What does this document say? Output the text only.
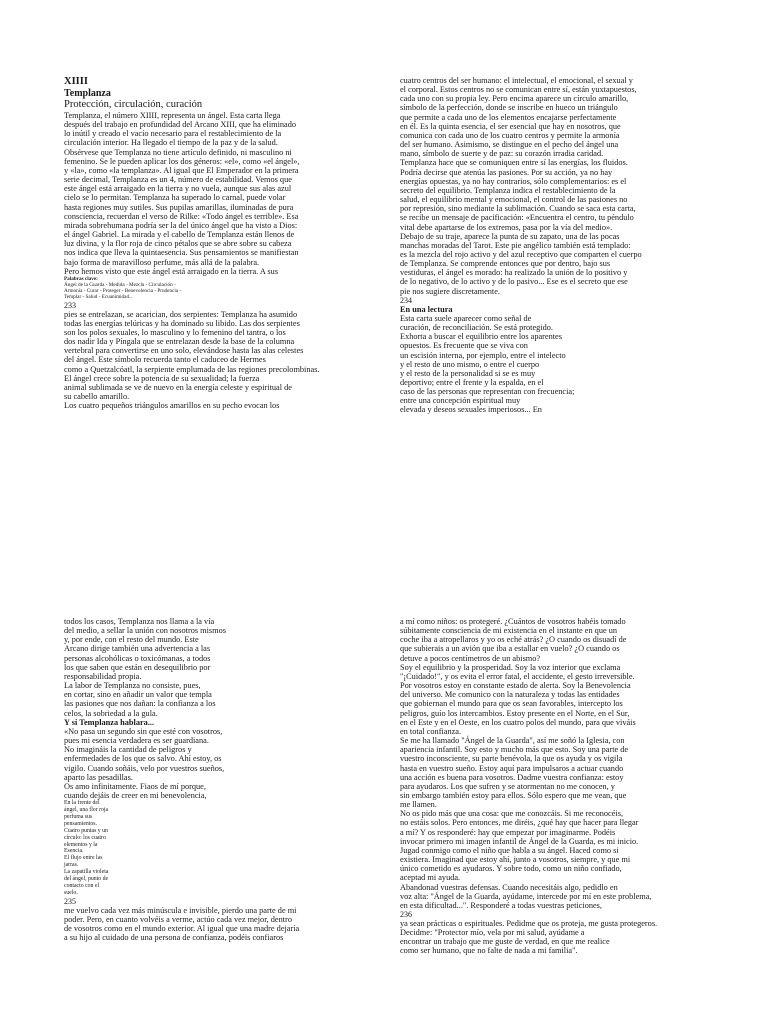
XIIII
Templanza
Protección, circulación, curación
Templanza, el número XIIII, representa un ángel. Esta carta llega
después del trabajo en profundidad del Arcano XIII, que ha eliminado
lo inútil y creado el vacío necesario para el restablecimiento de la
circulación interior. Ha llegado el tiempo de la paz y de la salud.
Obsérvese que Templanza no tiene artículo definido, ni masculino ni
femenino. Se le pueden aplicar los dos géneros: «el», como «el ángel»,
y «la», como «la templanza». Al igual que El Emperador en la primera
serie decimal, Templanza es un 4, número de estabilidad. Vemos que
este ángel está arraigado en la tierra y no vuela, aunque sus alas azul
cielo se lo permitan. Templanza ha superado lo carnal, puede volar
hasta regiones muy sutiles. Sus pupilas amarillas, iluminadas de pura
consciencia, recuerdan el verso de Rilke: «Todo ángel es terrible». Esa
mirada sobrehumana podría ser la del único ángel que ha visto a Dios:
el ángel Gabriel. La mirada y el cabello de Templanza están llenos de
luz divina, y la flor roja de cinco pétalos que se abre sobre su cabeza
nos indica que lleva la quintaesencia. Sus pensamientos se manifiestan
bajo forma de maravilloso perfume, más allá de la palabra.
Pero hemos visto que este ángel está arraigado en la tierra. A sus
Palabras clave:
Ángel de la Guarda - Medida - Mezcla - Circulación -
Armonía - Curar - Proteger - Benevolencia - Prudencia -
Templar - Salud - Ecuanimidad...
233
pies se entrelazan, se acarician, dos serpientes: Templanza ha asumido
todas las energías telúricas y ha dominado su libido. Las dos serpientes
son los polos sexuales, lo masculino y lo femenino del tantra, o los
dos nadir Ida y Píngala que se entrelazan desde la base de la columna
vertebral para convertirse en uno solo, elevándose hasta las alas celestes
del ángel. Este símbolo recuerda tanto el caduceo de Hermes
como a Quetzalcóatl, la serpiente emplumada de las regiones precolombinas.
El ángel crece sobre la potencia de su sexualidad; la fuerza
animal sublimada se ve de nuevo en la energía celeste y espiritual de
su cabello amarillo.
Los cuatro pequeños triángulos amarillos en su pecho evocan los
cuatro centros del ser humano: el intelectual, el emocional, el sexual y
el corporal. Estos centros no se comunican entre sí, están yuxtapuestos,
cada uno con su propia ley. Pero encima aparece un círculo amarillo,
símbolo de la perfección, donde se inscribe en hueco un triángulo
que permite a cada uno de los elementos encajarse perfectamente
en él. Es la quinta esencia, el ser esencial que hay en nosotros, que
comunica con cada uno de los cuatro centros y permite la armonía
del ser humano. Asimismo, se distingue en el pecho del ángel una
mano, símbolo de suerte y de paz: su corazón irradia caridad.
Templanza hace que se comuniquen entre sí las energías, los fluidos.
Podría decirse que atenúa las pasiones. Por su acción, ya no hay
energías opuestas, ya no hay contrarios, sólo complementarios: es el
secreto del equilibrio. Templanza indica el restablecimiento de la
salud, el equilibrio mental y emocional, el control de las pasiones no
por represión, sino mediante la sublimación. Cuando se saca esta carta,
se recibe un mensaje de pacificación: «Encuentra el centro, tu péndulo
vital debe apartarse de los extremos, pasa por la vía del medio».
Debajo de su traje, aparece la punta de su zapato, una de las pocas
manchas moradas del Tarot. Este pie angélico también está templado:
es la mezcla del rojo activo y del azul receptivo que comparten el cuerpo
de Templanza. Se comprende entonces que por dentro, bajo sus
vestiduras, el ángel es morado: ha realizado la unión de lo positivo y
de lo negativo, de lo activo y de lo pasivo... Ese es el secreto que ese
pie nos sugiere discretamente.
234
En una lectura
Esta carta suele aparecer como señal de
curación, de reconciliación. Se está protegido.
Exhorta a buscar el equilibrio entre los aparentes
opuestos. Es frecuente que se viva con
un escisión interna, por ejemplo, entre el intelecto
y el resto de uno mismo, o entre el cuerpo
y el resto de la personalidad si se es muy
deportivo; entre el frente y la espalda, en el
caso de las personas que representan con frecuencia;
entre una concepción espiritual muy
elevada y deseos sexuales imperiosos... En
todos los casos, Templanza nos llama a la vía
del medio, a sellar la unión con nosotros mismos
y, por ende, con el resto del mundo. Este
Arcano dirige también una advertencia a las
personas alcohólicas o toxicómanas, a todos
los que saben que están en desequilibrio por
responsabilidad propia.
La labor de Templanza no consiste, pues,
en cortar, sino en añadir un valor que templa
las pasiones que nos dañan: la confianza a los
celos, la sobriedad a la gula.
Y si Templanza hablara...
«No pasa un segundo sin que esté con vosotros,
pues mi esencia verdadera es ser guardiana.
No imagináis la cantidad de peligros y
enfermedades de los que os salvo. Ahí estoy, os
vigilo. Cuando soñáis, velo por vuestros sueños,
aparto las pesadillas.
Os amo infinitamente. Fiaos de mí porque,
cuando dejáis de creer en mi benevolencia,
En la frente del
ángel, una flor roja
perfuma sus
pensamientos.
Cuatro puntas y un
círculo: los cuatro
elementos y la
Esencia.
El flujo entre las
jarras.
La zapatilla violeta
del ángel, punto de
contacto con el
suelo.
235
me vuelvo cada vez más minúscula e invisible, pierdo una parte de mi
poder. Pero, en cuanto volvéis a verme, actúo cada vez mejor, dentro
de vosotros como en el mundo exterior. Al igual que una madre dejaría
a su hijo al cuidado de una persona de confianza, podéis confiaros
a mí como niños: os protegeré. ¿Cuántos de vosotros habéis tomado
súbitamente consciencia de mi existencia en el instante en que un
coche iba a atropellaros y yo os eché atrás? ¿O cuando os disuadí de
que subierais a un avión que iba a estallar en vuelo? ¿O cuando os
detuve a pocos centímetros de un abismo?
Soy el equilibrio y la prosperidad. Soy la voz interior que exclama
"¡Cuidado!", y os evita el error fatal, el accidente, el gesto irreversible.
Por vosotros estoy en constante estado de alerta. Soy la Benevolencia
del universo. Me comunico con la naturaleza y todas las entidades
que gobiernan el mundo para que os sean favorables, intercepto los
peligros, guío los intercambios. Estoy presente en el Norte, en el Sur,
en el Este y en el Oeste, en los cuatro polos del mundo, para que viváis
en total confianza.
Se me ha llamado "Ángel de la Guarda", así me soñó la Iglesia, con
apariencia infantil. Soy esto y mucho más que esto. Soy una parte de
vuestro inconsciente, su parte benévola, la que os ayuda y os vigila
hasta en vuestro sueño. Estoy aquí para impulsaros a actuar cuando
una acción es buena para vosotros. Dadme vuestra confianza: estoy
para ayudaros. Los que sufren y se atormentan no me conocen, y
sin embargo también estoy para ellos. Sólo espero que me vean, que
me llamen.
No os pido más que una cosa: que me conozcáis. Si me reconocéis,
no estáis solos. Pero entonces, me diréis, ¿qué hay que hacer para llegar
a mí? Y os responderé: hay que empezar por imaginarme. Podéis
invocar primero mi imagen infantil de Ángel de la Guarda, es mi inicio.
Jugad conmigo como el niño que habla a su ángel. Haced como si
existiera. Imaginad que estoy ahí, junto a vosotros, siempre, y que mi
único cometido es ayudaros. Y sobre todo, como un niño confiado,
aceptad mi ayuda.
Abandonad vuestras defensas. Cuando necesitáis algo, pedidlo en
voz alta: "Ángel de la Guarda, ayúdame, intercede por mí en este problema,
en esta dificultad...". Responderé a todas vuestras peticiones,
236
ya sean prácticas o espirituales. Pedidme que os proteja, me gusta protegeros.
Decidme: "Protector mío, vela por mi salud, ayúdame a
encontrar un trabajo que me guste de verdad, en que me realice
como ser humano, que no falte de nada a mi familia".
